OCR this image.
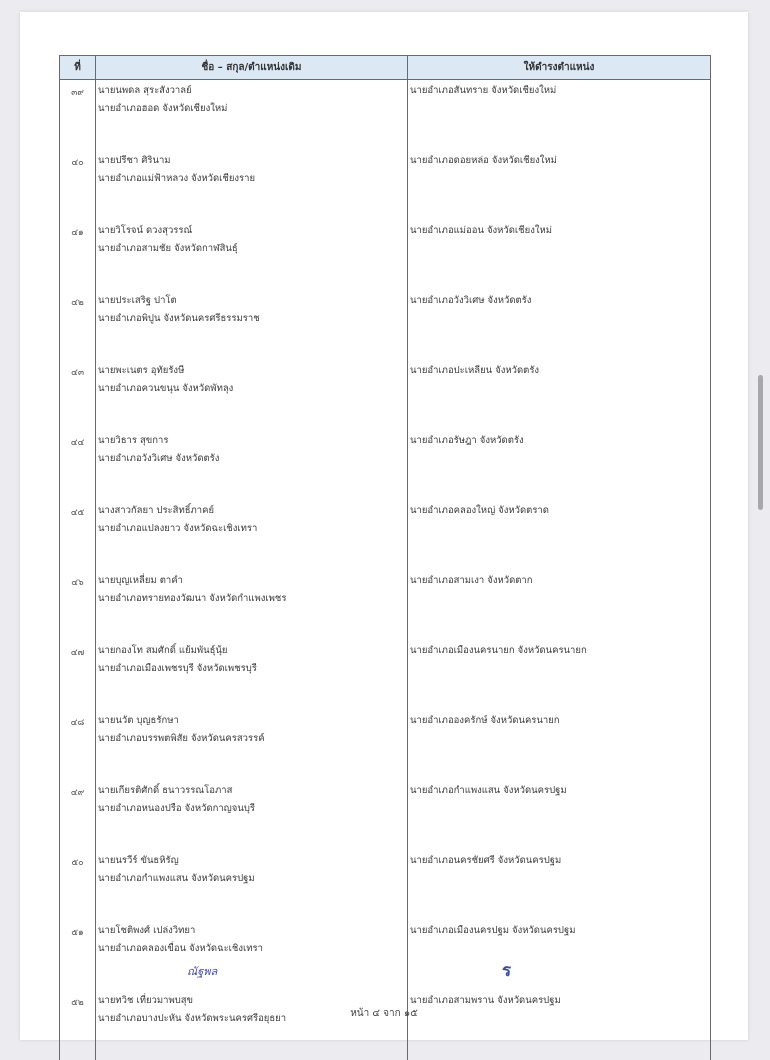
ที่	ชื่อ – สกุล/ตำแหน่งเดิม	ให้ดำรงตำแหน่ง
๓๙	นายนพดล สุระสังวาลย์
นายอำเภอฮอด จังหวัดเชียงใหม่

นายอำเภอสันทราย จังหวัดเชียงใหม่

๔๐	นายปรีชา ศิรินาม
นายอำเภอแม่ฟ้าหลวง จังหวัดเชียงราย

นายอำเภอดอยหล่อ จังหวัดเชียงใหม่

๔๑	นายวิโรจน์ ดวงสุวรรณ์
นายอำเภอสามชัย จังหวัดกาฬสินธุ์

นายอำเภอแม่ออน จังหวัดเชียงใหม่

๔๒	นายประเสริฐ ปาโต
นายอำเภอพิปูน จังหวัดนครศรีธรรมราช

นายอำเภอวังวิเศษ จังหวัดตรัง

๔๓	นายพะเนตร อุทัยรังษี
นายอำเภอควนขนุน จังหวัดพัทลุง

นายอำเภอปะเหลียน จังหวัดตรัง

๔๔	นายวิธาร สุขการ
นายอำเภอวังวิเศษ จังหวัดตรัง

นายอำเภอรัษฎา จังหวัดตรัง

๔๕	นางสาวกัลยา ประสิทธิ์ภาคย์
นายอำเภอแปลงยาว จังหวัดฉะเชิงเทรา

นายอำเภอคลองใหญ่ จังหวัดตราด

๔๖	นายบุญเหลี่ยม ตาคำ
นายอำเภอทรายทองวัฒนา จังหวัดกำแพงเพชร

นายอำเภอสามเงา จังหวัดตาก

๔๗	นายกองโท สมศักดิ์ แย้มพันธุ์นุ้ย
นายอำเภอเมืองเพชรบุรี จังหวัดเพชรบุรี

นายอำเภอเมืองนครนายก จังหวัดนครนายก

๔๘	นายนวัต บุญธรักษา
นายอำเภอบรรพตพิสัย จังหวัดนครสวรรค์

นายอำเภอองครักษ์ จังหวัดนครนายก

๔๙	นายเกียรติศักดิ์ ธนาวรรณโอภาส
นายอำเภอหนองปรือ จังหวัดกาญจนบุรี

นายอำเภอกำแพงแสน จังหวัดนครปฐม

๕๐	นายนรวีร์ ขันธหิรัญ
นายอำเภอกำแพงแสน จังหวัดนครปฐม

นายอำเภอนครชัยศรี จังหวัดนครปฐม

๕๑	นายโชติพงศ์ เปล่งวิทยา
นายอำเภอคลองเขื่อน จังหวัดฉะเชิงเทรา

นายอำเภอเมืองนครปฐม จังหวัดนครปฐม

๕๒	นายทวิช เที่ยวมาพบสุข
นายอำเภอบางปะหัน จังหวัดพระนครศรีอยุธยา

นายอำเภอสามพราน จังหวัดนครปฐม
ณัฐพล	ร
หน้า ๔ จาก ๑๕
